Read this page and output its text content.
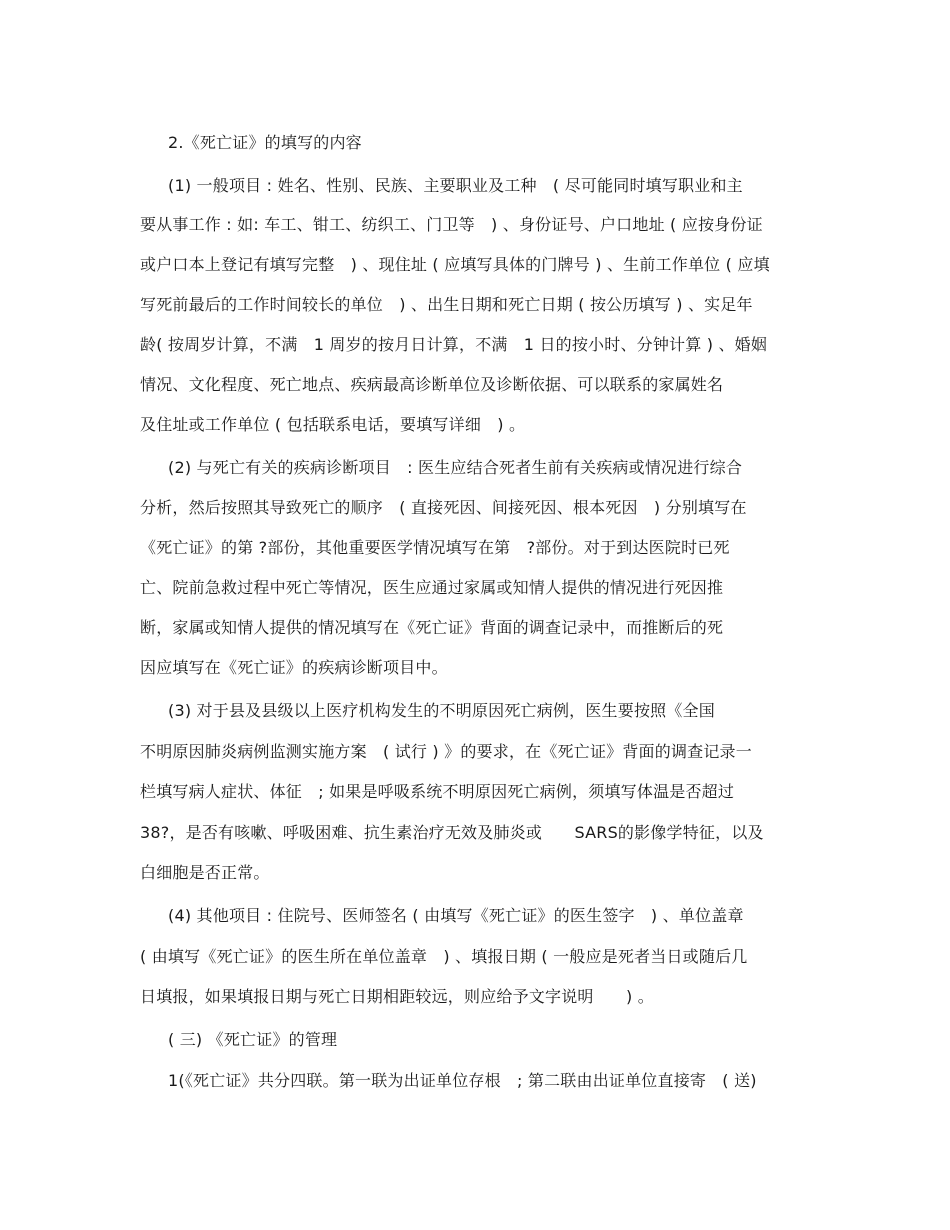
2.《死亡证》的填写的内容
(1) 一般项目 : 姓名、性别、民族、主要职业及工种　( 尽可能同时填写职业和主
要从事工作 : 如: 车工、钳工、纺织工、门卫等　) 、身份证号、户口地址 ( 应按身份证
或户口本上登记有填写完整　) 、现住址 ( 应填写具体的门牌号 ) 、生前工作单位 ( 应填
写死前最后的工作时间较长的单位　) 、出生日期和死亡日期 ( 按公历填写 ) 、实足年
龄( 按周岁计算，不满　1 周岁的按月日计算，不满　1 日的按小时、分钟计算 ) 、婚姻
情况、文化程度、死亡地点、疾病最高诊断单位及诊断依据、可以联系的家属姓名
及住址或工作单位 ( 包括联系电话，要填写详细　) 。
(2) 与死亡有关的疾病诊断项目　: 医生应结合死者生前有关疾病或情况进行综合
分析，然后按照其导致死亡的顺序　( 直接死因、间接死因、根本死因　) 分别填写在
《死亡证》的第 ?部份，其他重要医学情况填写在第　?部份。对于到达医院时已死
亡、院前急救过程中死亡等情况，医生应通过家属或知情人提供的情况进行死因推
断，家属或知情人提供的情况填写在《死亡证》背面的调查记录中，而推断后的死
因应填写在《死亡证》的疾病诊断项目中。
(3) 对于县及县级以上医疗机构发生的不明原因死亡病例，医生要按照《全国
不明原因肺炎病例监测实施方案　( 试行 ) 》的要求，在《死亡证》背面的调查记录一
栏填写病人症状、体征　; 如果是呼吸系统不明原因死亡病例，须填写体温是否超过
38?，是否有咳嗽、呼吸困难、抗生素治疗无效及肺炎或　　SARS的影像学特征，以及
白细胞是否正常。
(4) 其他项目 : 住院号、医师签名 ( 由填写《死亡证》的医生签字　) 、单位盖章
( 由填写《死亡证》的医生所在单位盖章　) 、填报日期 ( 一般应是死者当日或随后几
日填报，如果填报日期与死亡日期相距较远，则应给予文字说明　　) 。
( 三) 《死亡证》的管理
1(《死亡证》共分四联。第一联为出证单位存根　; 第二联由出证单位直接寄　( 送)
